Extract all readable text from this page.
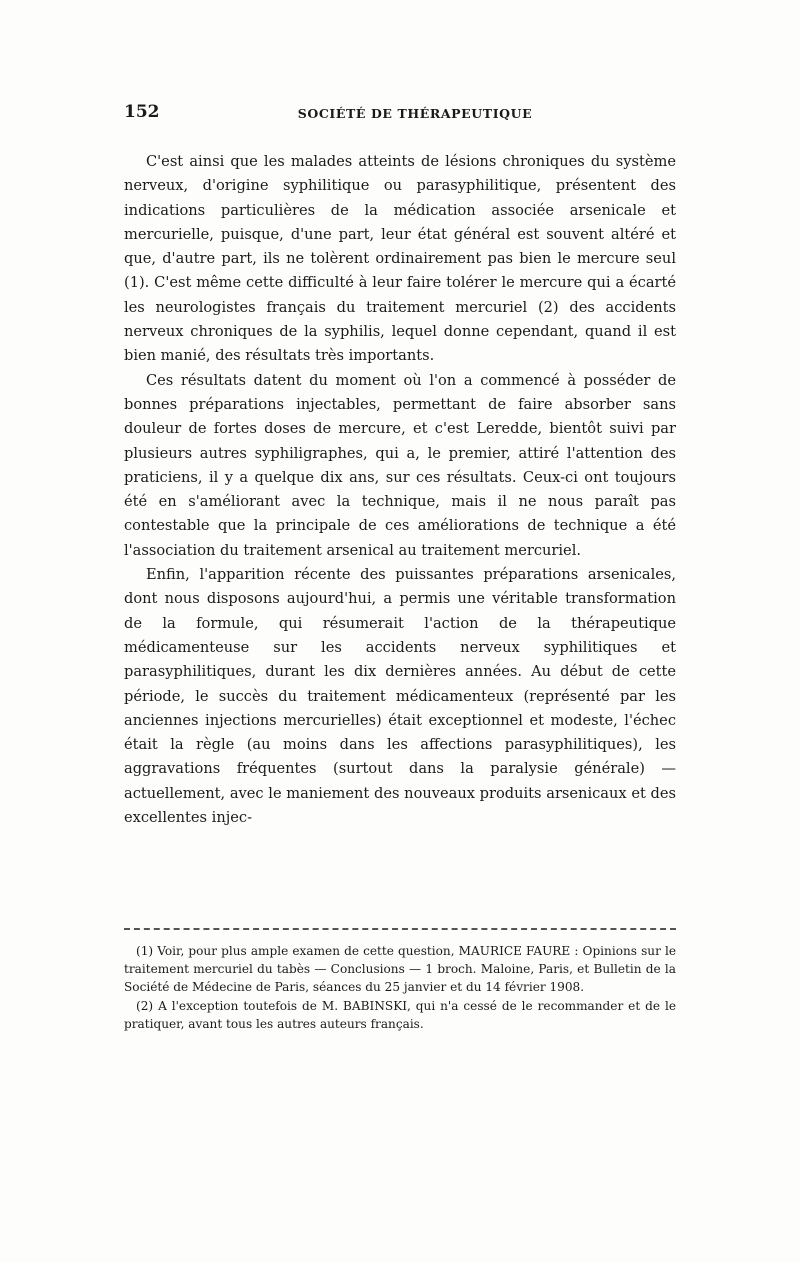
152	SOCIÉTÉ DE THÉRAPEUTIQUE

C'est ainsi que les malades atteints de lésions chroniques du système nerveux, d'origine syphilitique ou parasyphilitique, présentent des indications particulières de la médication associée arsenicale et mercurielle, puisque, d'une part, leur état général est souvent altéré et que, d'autre part, ils ne tolèrent ordinairement pas bien le mercure seul (1). C'est même cette difficulté à leur faire tolérer le mercure qui a écarté les neurologistes français du traitement mercuriel (2) des accidents nerveux chroniques de la syphilis, lequel donne cependant, quand il est bien manié, des résultats très importants.

Ces résultats datent du moment où l'on a commencé à posséder de bonnes préparations injectables, permettant de faire absorber sans douleur de fortes doses de mercure, et c'est Leredde, bientôt suivi par plusieurs autres syphiligraphes, qui a, le premier, attiré l'attention des praticiens, il y a quelque dix ans, sur ces résultats. Ceux-ci ont toujours été en s'améliorant avec la technique, mais il ne nous paraît pas contestable que la principale de ces améliorations de technique a été l'association du traitement arsenical au traitement mercuriel.

Enfin, l'apparition récente des puissantes préparations arsenicales, dont nous disposons aujourd'hui, a permis une véritable transformation de la formule, qui résumerait l'action de la thérapeutique médicamenteuse sur les accidents nerveux syphilitiques et parasyphilitiques, durant les dix dernières années. Au début de cette période, le succès du traitement médicamenteux (représenté par les anciennes injections mercurielles) était exceptionnel et modeste, l'échec était la règle (au moins dans les affections parasyphilitiques), les aggravations fréquentes (surtout dans la paralysie générale) — actuellement, avec le maniement des nouveaux produits arsenicaux et des excellentes injec-

(1) Voir, pour plus ample examen de cette question, MAURICE FAURE : Opinions sur le traitement mercuriel du tabès — Conclusions — 1 broch. Maloine, Paris, et Bulletin de la Société de Médecine de Paris, séances du 25 janvier et du 14 février 1908.

(2) A l'exception toutefois de M. BABINSKI, qui n'a cessé de le recommander et de le pratiquer, avant tous les autres auteurs français.
